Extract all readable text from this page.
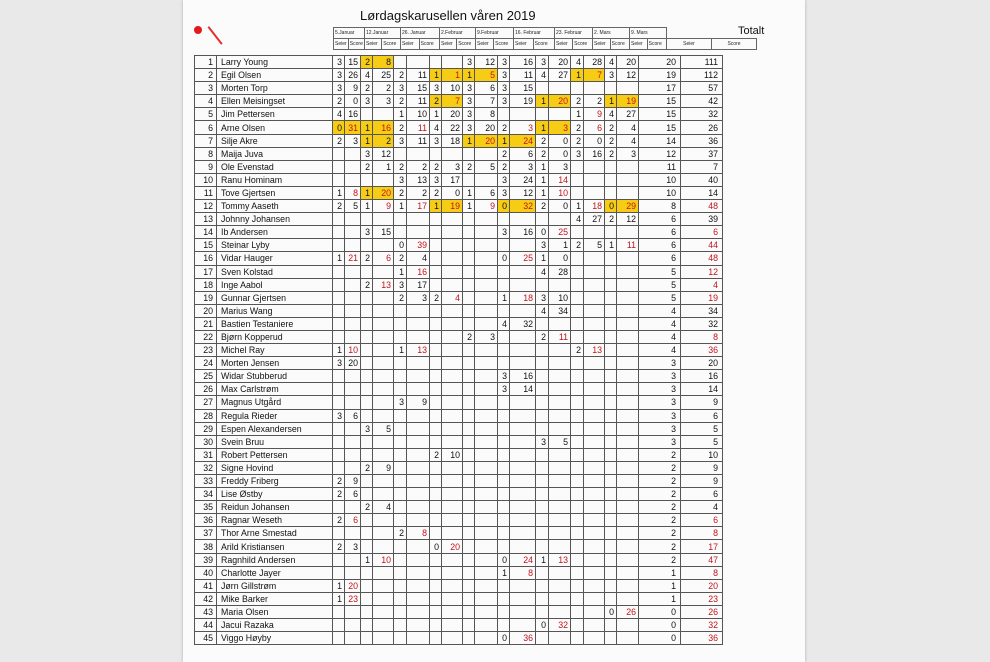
Lørdagskarusellen våren 2019
Totalt
5.Januar		12.Januar		26. Januar		2.Februar		9.Februar		16. Februar		23. Februar		2. Mars		9. Mars			
Seier	Score	Seier	Score	Seier	Score	Seier	Score	Seier	Score	Seier	Score	Seier	Score	Seier	Score	Seier	Score	Seier	Score
1	Larry Young	3	15	2	8					3	12	3	16	3	20	4	28	4	20	20	111
2	Egil Olsen	3	26	4	25	2	11	1	1	1	5	3	11	4	27	1	7	3	12	19	112
3	Morten Torp	3	9	2	2	3	15	3	10	3	6	3	15							17	57
4	Ellen Meisingset	2	0	3	3	2	11	2	7	3	7	3	19	1	20	2	2	1	19	15	42
5	Jim Pettersen	4	16			1	10	1	20	3	8					1	9	4	27	15	32
6	Arne Olsen	0	31	1	16	2	11	4	22	3	20	2	3	1	3	2	6	2	4	15	26
7	Silje Akre	2	3	1	2	3	11	3	18	1	20	1	24	2	0	2	0	2	4	14	36
8	Maija Juva			3	12							2	6	2	0	3	16	2	3	12	37
9	Ole Evenstad			2	1	2	2	2	3	2	5	2	3	1	3					11	7
10	Ranu Hominam					3	13	3	17			3	24	1	14					10	40
11	Tove Gjertsen	1	8	1	20	2	2	2	0	1	6	3	12	1	10					10	14
12	Tommy Aaseth	2	5	1	9	1	17	1	19	1	9	0	32	2	0	1	18	0	29	8	48
13	Johnny Johansen															4	27	2	12	6	39
14	Ib Andersen			3	15							3	16	0	25					6	6
15	Steinar Lyby					0	39							3	1	2	5	1	11	6	44
16	Vidar Hauger	1	21	2	6	2	4					0	25	1	0					6	48
17	Sven Kolstad					1	16							4	28					5	12
18	Inge Aabol			2	13	3	17													5	4
19	Gunnar Gjertsen					2	3	2	4			1	18	3	10					5	19
20	Marius Wang													4	34					4	34
21	Bastien Testaniere											4	32							4	32
22	Bjørn Kopperud									2	3			2	11					4	8
23	Michel Ray	1	10			1	13									2	13			4	36
24	Morten Jensen	3	20																	3	20
25	Widar Stubberud											3	16							3	16
26	Max Carlstrøm											3	14							3	14
27	Magnus Utgård					3	9													3	9
28	Regula Rieder	3	6																	3	6
29	Espen Alexandersen			3	5															3	5
30	Svein Bruu													3	5					3	5
31	Robert Pettersen							2	10											2	10
32	Signe Hovind			2	9															2	9
33	Freddy Friberg	2	9																	2	9
34	Lise Østby	2	6																	2	6
35	Reidun Johansen			2	4															2	4
36	Ragnar Weseth	2	6																	2	6
37	Thor Arne Smestad					2	8													2	8
38	Arild Kristiansen	2	3					0	20											2	17
39	Ragnhild Andersen			1	10							0	24	1	13					2	47
40	Charlotte Jayer											1	8							1	8
41	Jørn Gillstrøm	1	20																	1	20
42	Mike Barker	1	23																	1	23
43	Maria Olsen																	0	26	0	26
44	Jacui Razaka													0	32					0	32
45	Viggo Høyby											0	36							0	36
